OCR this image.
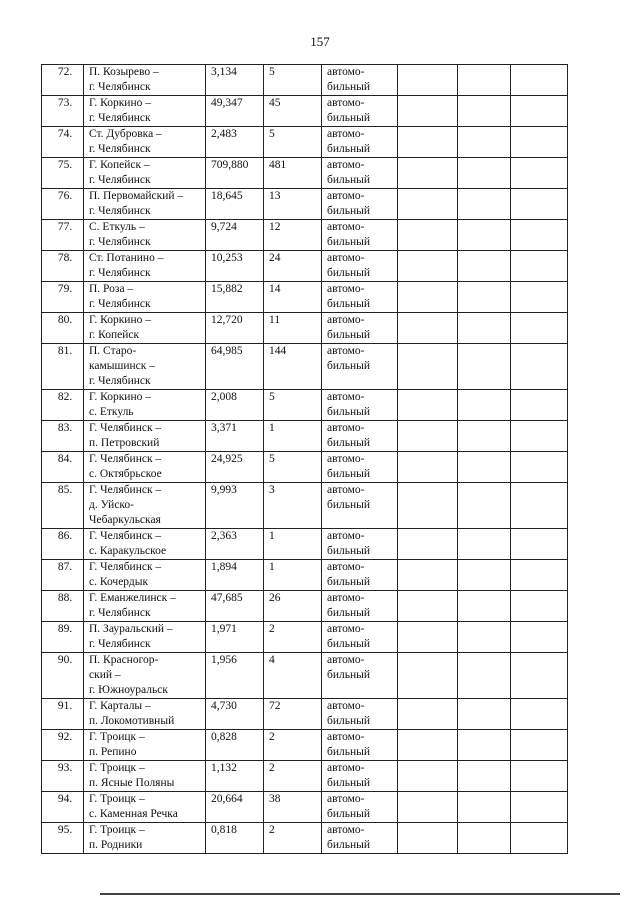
157
72.	П. Козырево –
г. Челябинск	3,134	5	автомо-
бильный			
73.	Г. Коркино –
г. Челябинск	49,347	45	автомо-
бильный			
74.	Ст. Дубровка –
г. Челябинск	2,483	5	автомо-
бильный			
75.	Г. Копейск –
г. Челябинск	709,880	481	автомо-
бильный			
76.	П. Первомайский –
г. Челябинск	18,645	13	автомо-
бильный			
77.	С. Еткуль –
г. Челябинск	9,724	12	автомо-
бильный			
78.	Ст. Потанино –
г. Челябинск	10,253	24	автомо-
бильный			
79.	П. Роза –
г. Челябинск	15,882	14	автомо-
бильный			
80.	Г. Коркино –
г. Копейск	12,720	11	автомо-
бильный			
81.	П. Старо-
камышинск –
г. Челябинск	64,985	144	автомо-
бильный			
82.	Г. Коркино –
с. Еткуль	2,008	5	автомо-
бильный			
83.	Г. Челябинск –
п. Петровский	3,371	1	автомо-
бильный			
84.	Г. Челябинск –
с. Октябрьское	24,925	5	автомо-
бильный			
85.	Г. Челябинск –
д. Уйско-
Чебаркульская	9,993	3	автомо-
бильный			
86.	Г. Челябинск –
с. Каракульское	2,363	1	автомо-
бильный			
87.	Г. Челябинск –
с. Кочердык	1,894	1	автомо-
бильный			
88.	Г. Еманжелинск –
г. Челябинск	47,685	26	автомо-
бильный			
89.	П. Зауральский –
г. Челябинск	1,971	2	автомо-
бильный			
90.	П. Красногор-
ский –
г. Южноуральск	1,956	4	автомо-
бильный			
91.	Г. Карталы –
п. Локомотивный	4,730	72	автомо-
бильный			
92.	Г. Троицк –
п. Репино	0,828	2	автомо-
бильный			
93.	Г. Троицк –
п. Ясные Поляны	1,132	2	автомо-
бильный			
94.	Г. Троицк –
с. Каменная Речка	20,664	38	автомо-
бильный			
95.	Г. Троицк –
п. Родники	0,818	2	автомо-
бильный			
